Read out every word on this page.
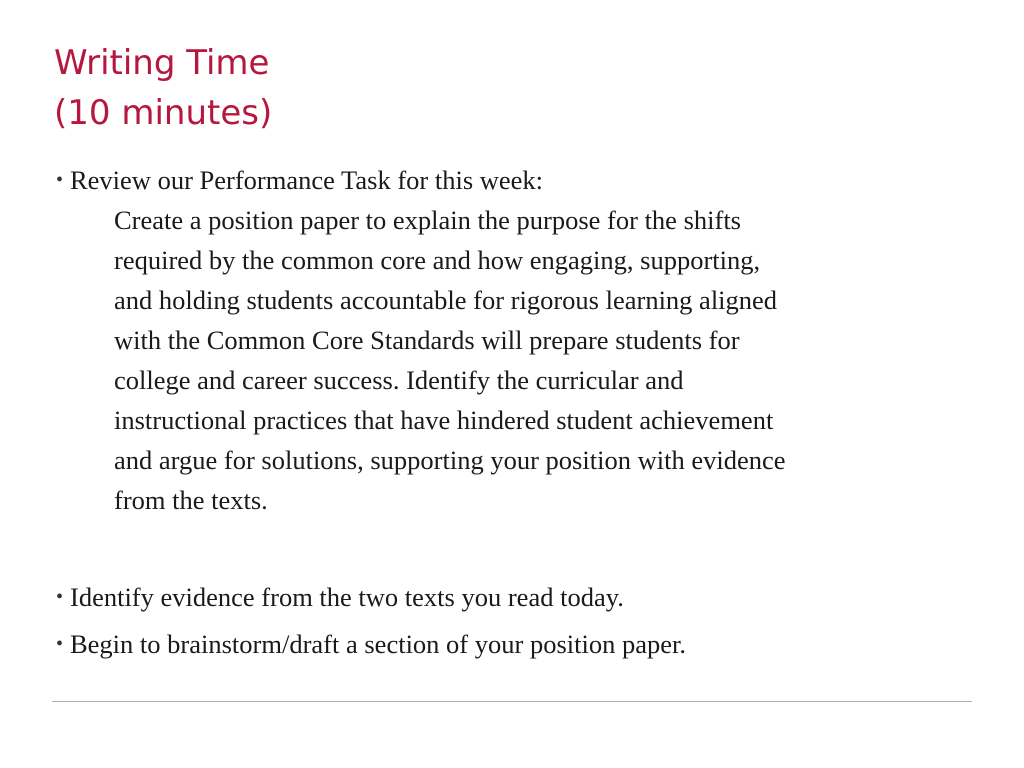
Writing Time
(10 minutes)
• Review our Performance Task for this week:
Create a position paper to explain the purpose for the shifts
required by the common core and how engaging, supporting,
and holding students accountable for rigorous learning aligned
with the Common Core Standards will prepare students for
college and career success. Identify the curricular and
instructional practices that have hindered student achievement
and argue for solutions, supporting your position with evidence
from the texts.
• Identify evidence from the two texts you read today.
• Begin to brainstorm/draft a section of your position paper.
